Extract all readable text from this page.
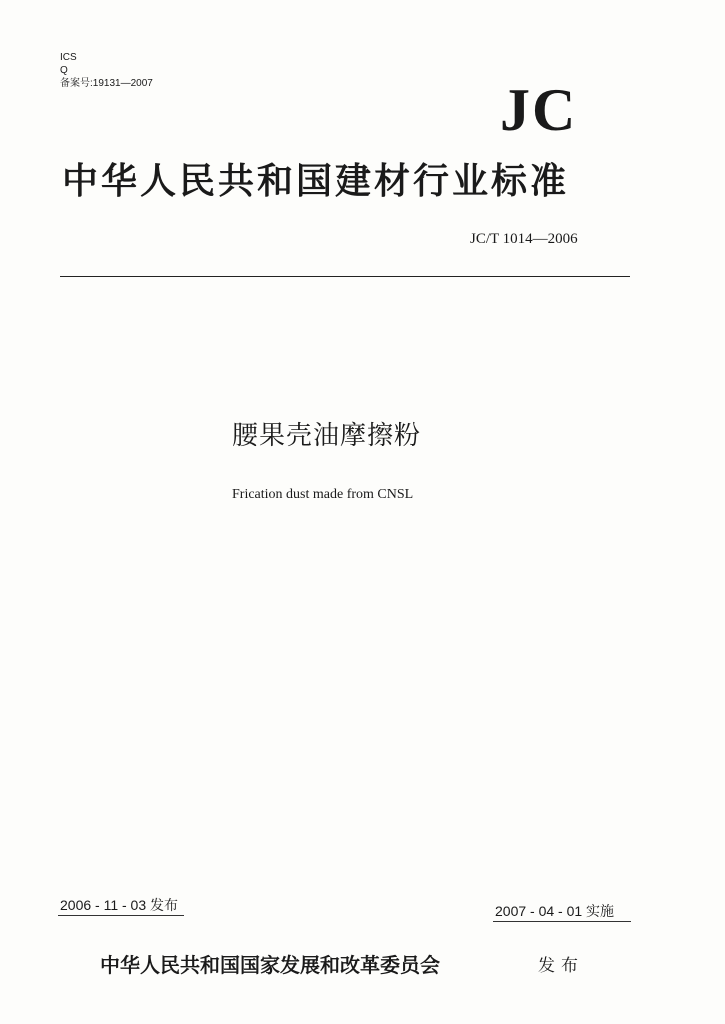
ICS
Q
备案号:19131—2007	JC
中华人民共和国建材行业标准
JC/T 1014—2006
腰果壳油摩擦粉
Frication dust made from CNSL
2006 - 11 - 03 发布	2007 - 04 - 01 实施
中华人民共和国国家发展和改革委员会	发布
